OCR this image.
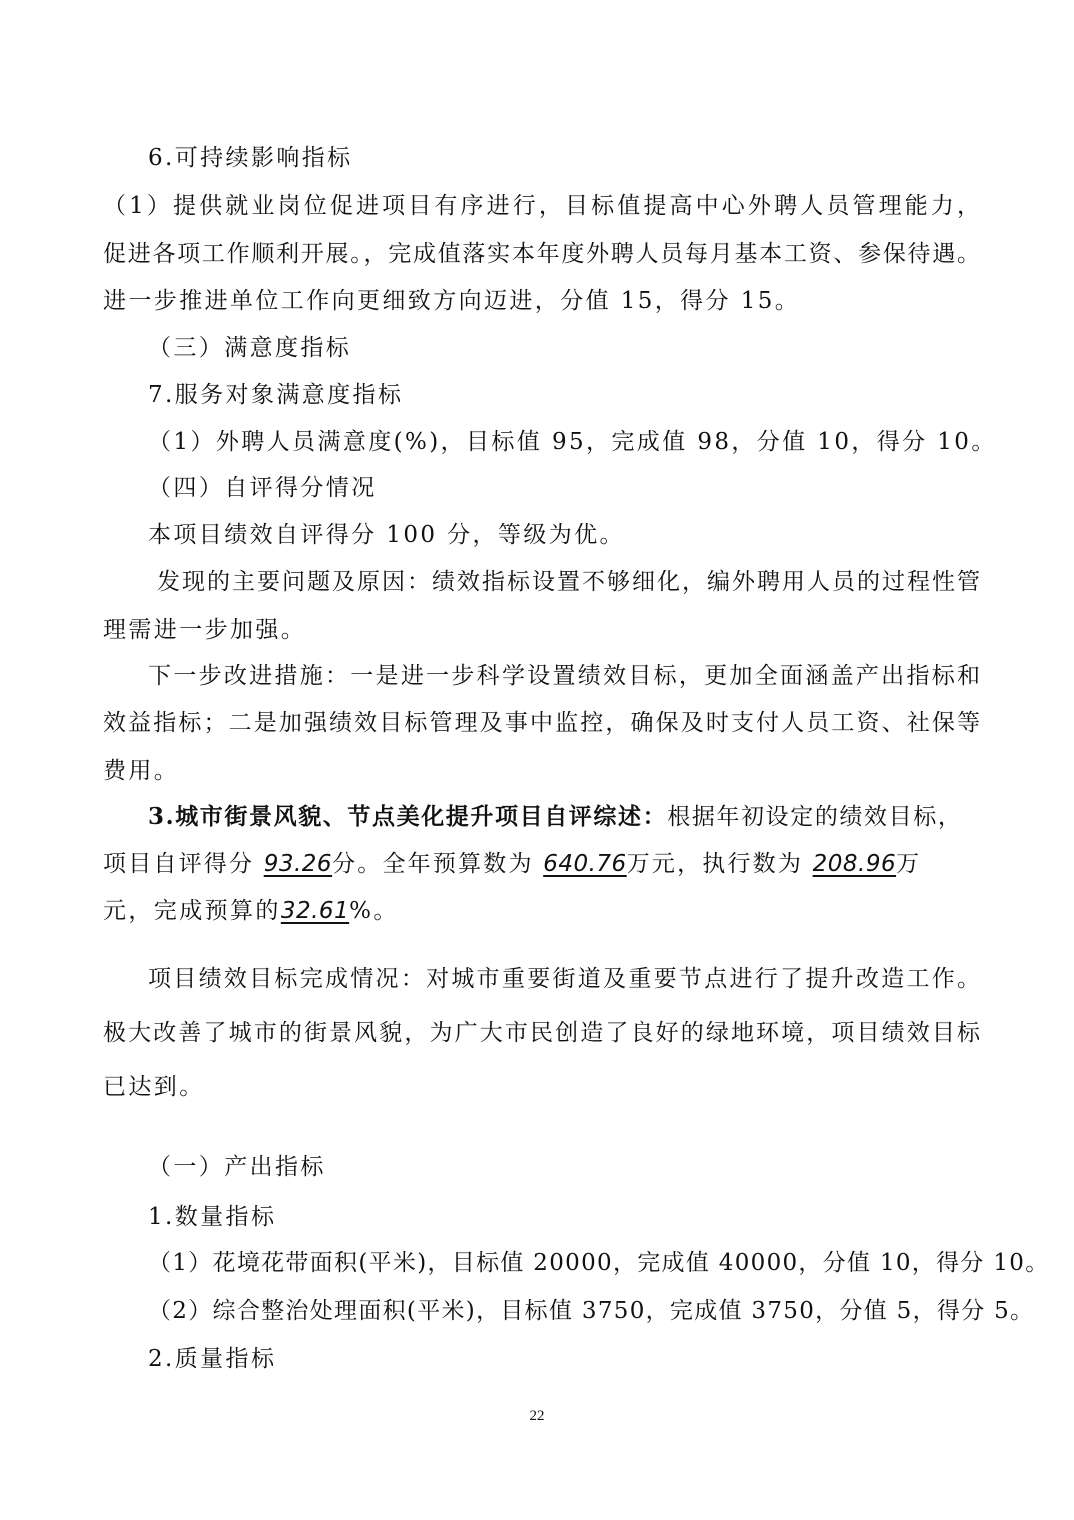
6.可持续影响指标
（1）提供就业岗位促进项目有序进行，目标值提高中心外聘人员管理能力，
促进各项工作顺利开展。，完成值落实本年度外聘人员每月基本工资、参保待遇。
进一步推进单位工作向更细致方向迈进，分值 15，得分 15。
（三）满意度指标
7.服务对象满意度指标
（1）外聘人员满意度(%)，目标值 95，完成值 98，分值 10，得分 10。
（四）自评得分情况
本项目绩效自评得分 100 分，等级为优。
发现的主要问题及原因：绩效指标设置不够细化，编外聘用人员的过程性管
理需进一步加强。
下一步改进措施：一是进一步科学设置绩效目标，更加全面涵盖产出指标和
效益指标；二是加强绩效目标管理及事中监控，确保及时支付人员工资、社保等
费用。
3.城市街景风貌、节点美化提升项目自评综述：根据年初设定的绩效目标，
项目自评得分 93.26分。全年预算数为 640.76万元，执行数为 208.96万
元，完成预算的32.61%。
项目绩效目标完成情况：对城市重要街道及重要节点进行了提升改造工作。
极大改善了城市的街景风貌，为广大市民创造了良好的绿地环境，项目绩效目标
已达到。
（一）产出指标
1.数量指标
（1）花境花带面积(平米)，目标值 20000，完成值 40000，分值 10，得分 10。
（2）综合整治处理面积(平米)，目标值 3750，完成值 3750，分值 5，得分 5。
2.质量指标
22
